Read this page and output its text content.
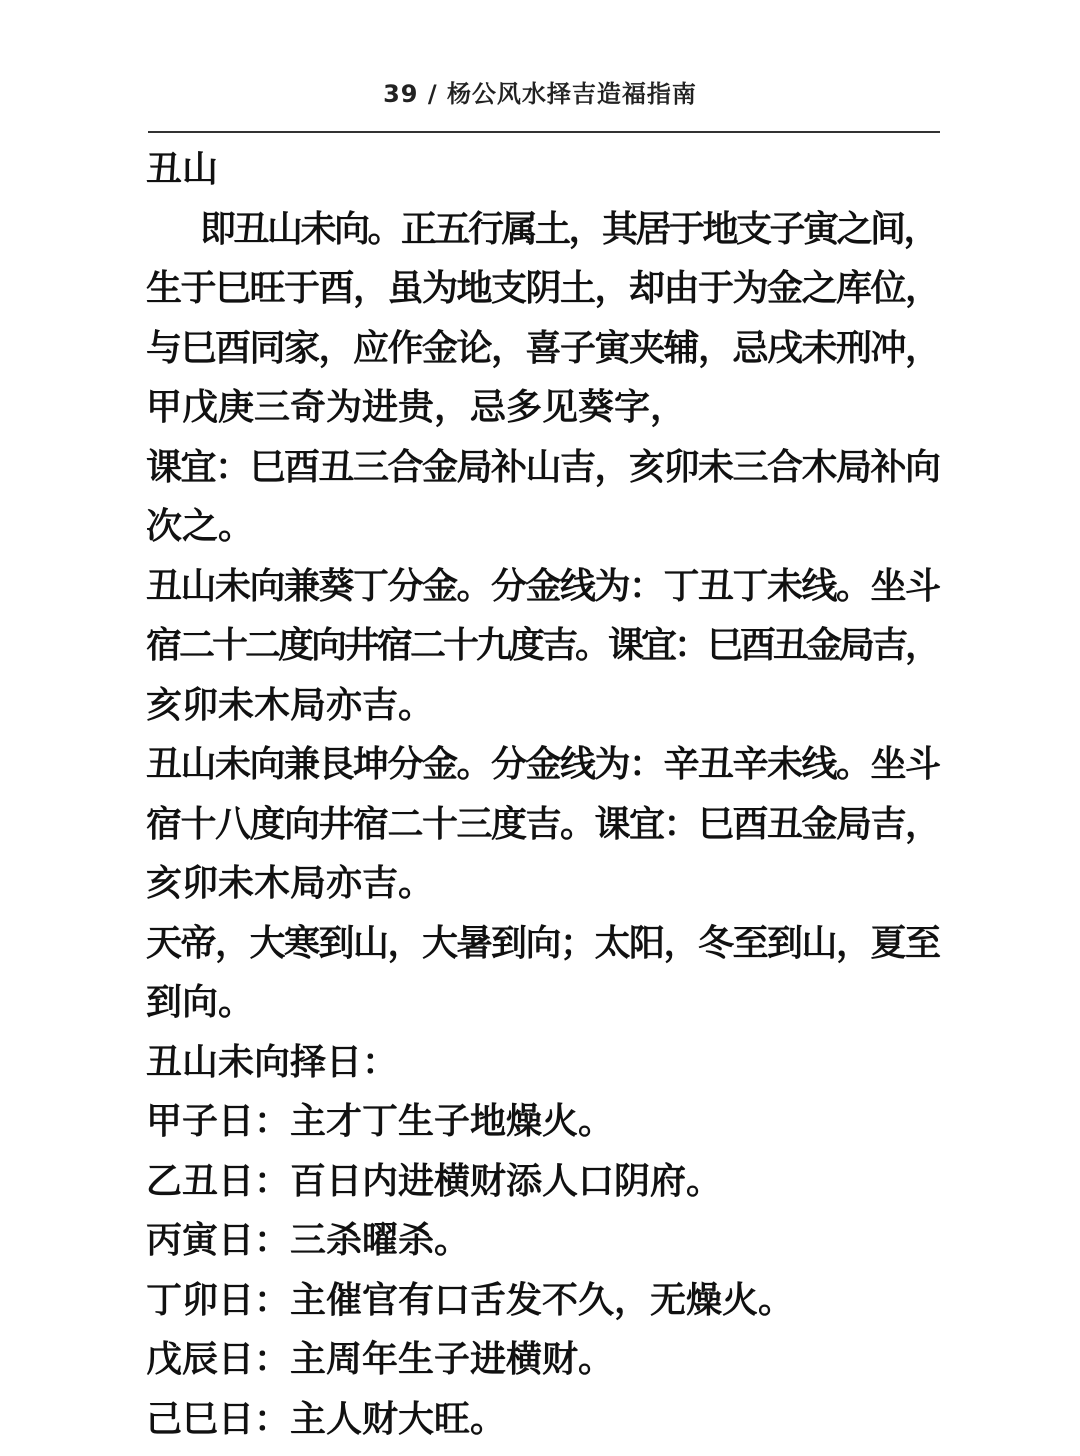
39 / 杨公风水择吉造福指南
丑山
即丑山未向。正五行属土，其居于地支子寅之间，
生于巳旺于酉，虽为地支阴土，却由于为金之库位，
与巳酉同家，应作金论，喜子寅夹辅，忌戌未刑冲，
甲戊庚三奇为进贵，忌多见葵字，
课宜：巳酉丑三合金局补山吉，亥卯未三合木局补向
次之。
丑山未向兼葵丁分金。分金线为：丁丑丁未线。坐斗
宿二十二度向井宿二十九度吉。课宜：巳酉丑金局吉，
亥卯未木局亦吉。
丑山未向兼艮坤分金。分金线为：辛丑辛未线。坐斗
宿十八度向井宿二十三度吉。课宜：巳酉丑金局吉，
亥卯未木局亦吉。
天帝，大寒到山，大暑到向；太阳，冬至到山，夏至
到向。
丑山未向择日：
甲子日：主才丁生子地燥火。
乙丑日：百日内进横财添人口阴府。
丙寅日：三杀曜杀。
丁卯日：主催官有口舌发不久，无燥火。
戊辰日：主周年生子进横财。
己巳日：主人财大旺。
